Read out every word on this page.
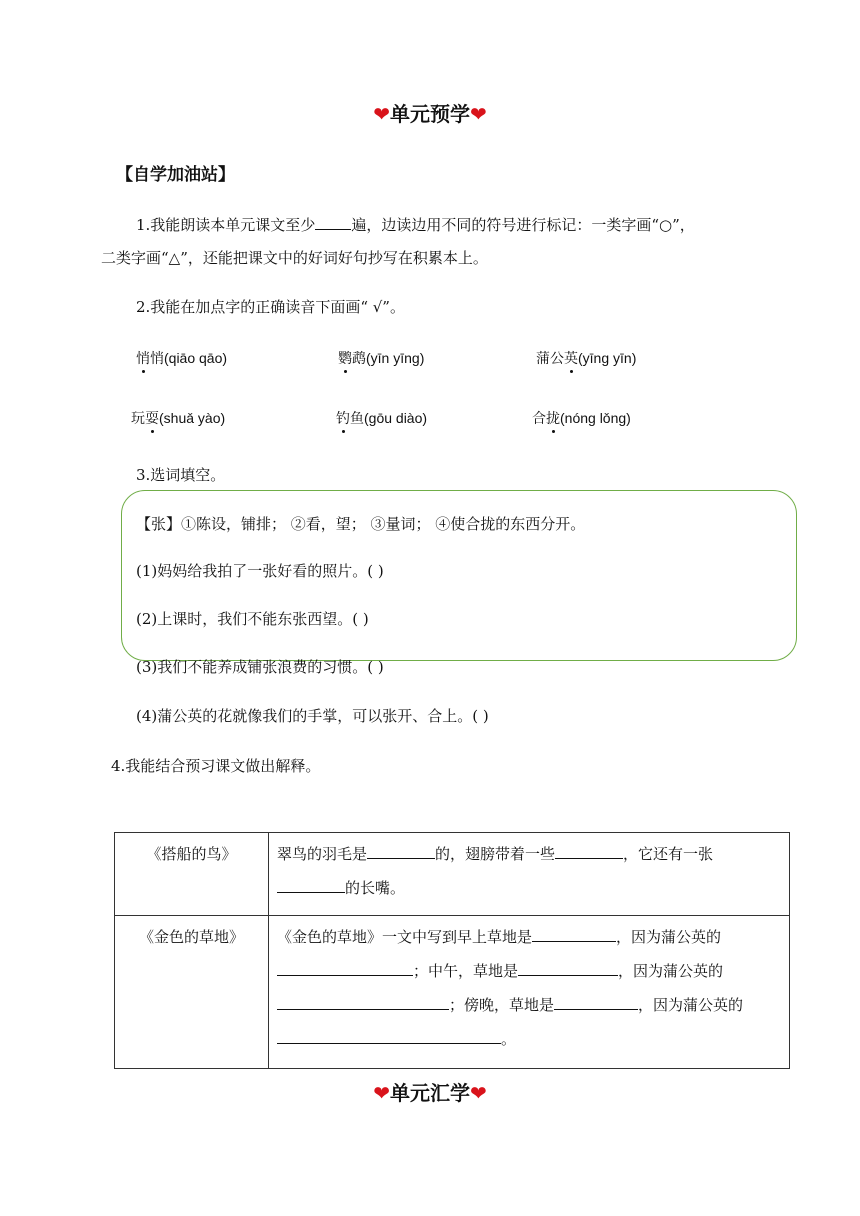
❤单元预学❤
【自学加油站】
1.我能朗读本单元课文至少 遍，边读边用不同的符号进行标记：一类字画“○”，
二类字画“△”，还能把课文中的好词好句抄写在积累本上。
2.我能在加点字的正确读音下面画“ √”。
悄悄(qiāo qāo)	鹦鹉(yīn yīng)	蒲公英(yīng yīn)
玩耍(shuǎ yào)	钓鱼(gōu diào)	合拢(nóng lǒng)
3.选词填空。
【张】①陈设，铺排； ②看，望； ③量词； ④使合拢的东西分开。
(1)妈妈给我拍了一张好看的照片。( )
(2)上课时，我们不能东张西望。( )
(3)我们不能养成铺张浪费的习惯。( )
(4)蒲公英的花就像我们的手掌，可以张开、合上。( )
4.我能结合预习课文做出解释。
《搭船的鸟》	翠鸟的羽毛是 的，翅膀带着一些 ，它还有一张
的长嘴。
《金色的草地》	《金色的草地》一文中写到早上草地是 ，因为蒲公英的
；中午，草地是 ，因为蒲公英的
；傍晚，草地是 ，因为蒲公英的
。
❤单元汇学❤
